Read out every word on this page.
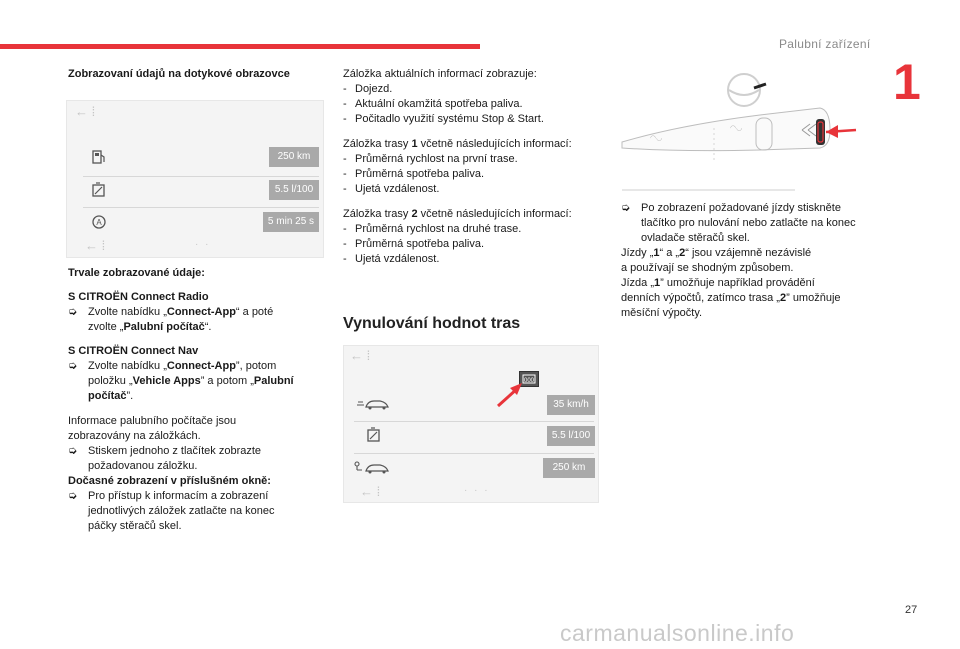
Palubní zařízení
1

Zobrazovaní údajů na dotykové obrazovce

← ⁞
250 km
5.5 l/100
A	5 min 25 s
← ⁞	· ·

Trvale zobrazované údaje:

S CITROËN Connect Radio

➭ Zvolte nabídku „Connect-App“ a poté
zvolte „Palubní počítač“.

S CITROËN Connect Nav

➭ Zvolte nabídku „Connect-App”, potom
položku „Vehicle Apps” a potom „Palubní
počítač”.

Informace palubního počítače jsou
zobrazovány na záložkách.

➭ Stiskem jednoho z tlačítek zobrazte
požadovanou záložku.

Dočasné zobrazení v příslušném okně:

➭ Pro přístup k informacím a zobrazení
jednotlivých záložek zatlačte na konec
páčky stěračů skel.

Záložka aktuálních informací zobrazuje:

- Dojezd.
- Aktuální okamžitá spotřeba paliva.
- Počitadlo využití systému Stop & Start.

Záložka trasy 1 včetně následujících informací:

- Průměrná rychlost na první trase.
- Průměrná spotřeba paliva.
- Ujetá vzdálenost.

Záložka trasy 2 včetně následujících informací:

- Průměrná rychlost na druhé trase.
- Průměrná spotřeba paliva.
- Ujetá vzdálenost.
Vynulování hodnot tras
← ⁞
000
35 km/h
5.5 l/100
250 km
← ⁞	· · ·
◠◡
◠◡

➭ Po zobrazení požadované jízdy stiskněte
tlačítko pro nulování nebo zatlačte na konec
ovladače stěračů skel.

Jízdy „1“ a „2“ jsou vzájemně nezávislé
a používají se shodným způsobem.
Jízda „1” umožňuje například provádění
denních výpočtů, zatímco trasa „2” umožňuje
měsíční výpočty.

27
carmanualsonline.info
